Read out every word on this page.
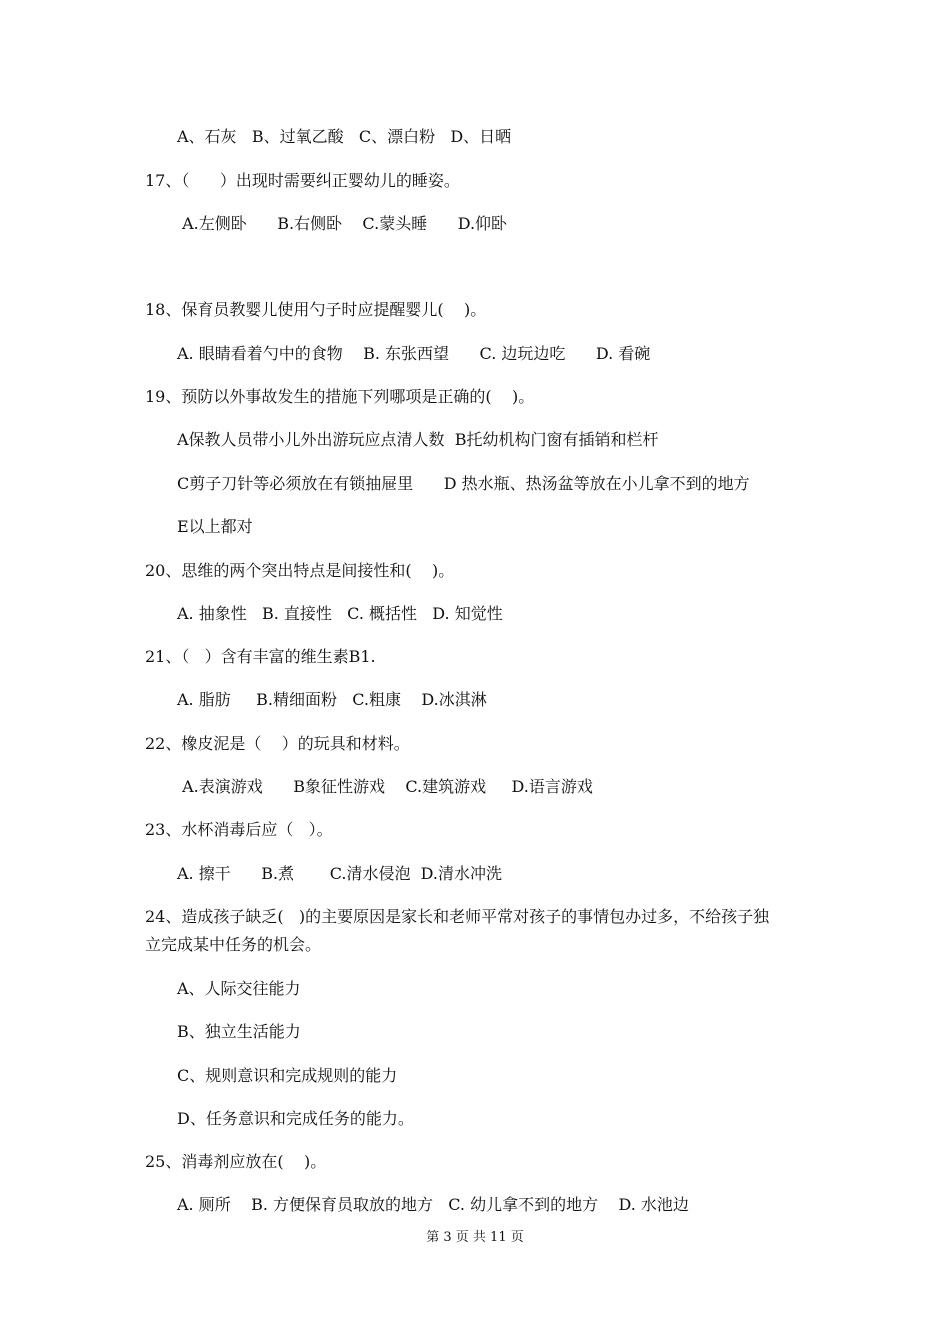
A、石灰   B、过氧乙酸   C、漂白粉   D、日晒
17、（      ）出现时需要纠正婴幼儿的睡姿。
A.左侧卧      B.右侧卧    C.蒙头睡      D.仰卧
18、保育员教婴儿使用勺子时应提醒婴儿(    )。
A. 眼睛看着勺中的食物    B. 东张西望      C. 边玩边吃      D. 看碗
19、预防以外事故发生的措施下列哪项是正确的(    )。
A保教人员带小儿外出游玩应点清人数  B托幼机构门窗有插销和栏杆
C剪子刀针等必须放在有锁抽屉里      D 热水瓶、热汤盆等放在小儿拿不到的地方
E以上都对
20、思维的两个突出特点是间接性和(    )。
A. 抽象性   B. 直接性   C. 概括性   D. 知觉性
21、（   ）含有丰富的维生素B1.
A. 脂肪     B.精细面粉   C.粗康    D.冰淇淋
22、橡皮泥是（    ）的玩具和材料。
A.表演游戏      B象征性游戏    C.建筑游戏     D.语言游戏
23、水杯消毒后应（   ）。
A. 擦干      B.煮       C.清水侵泡  D.清水冲洗
24、造成孩子缺乏(   )的主要原因是家长和老师平常对孩子的事情包办过多，不给孩子独
立完成某中任务的机会。
A、人际交往能力
B、独立生活能力
C、规则意识和完成规则的能力
D、任务意识和完成任务的能力。
25、消毒剂应放在(    )。
A. 厕所    B. 方便保育员取放的地方   C. 幼儿拿不到的地方    D. 水池边
第 3 页 共 11 页
